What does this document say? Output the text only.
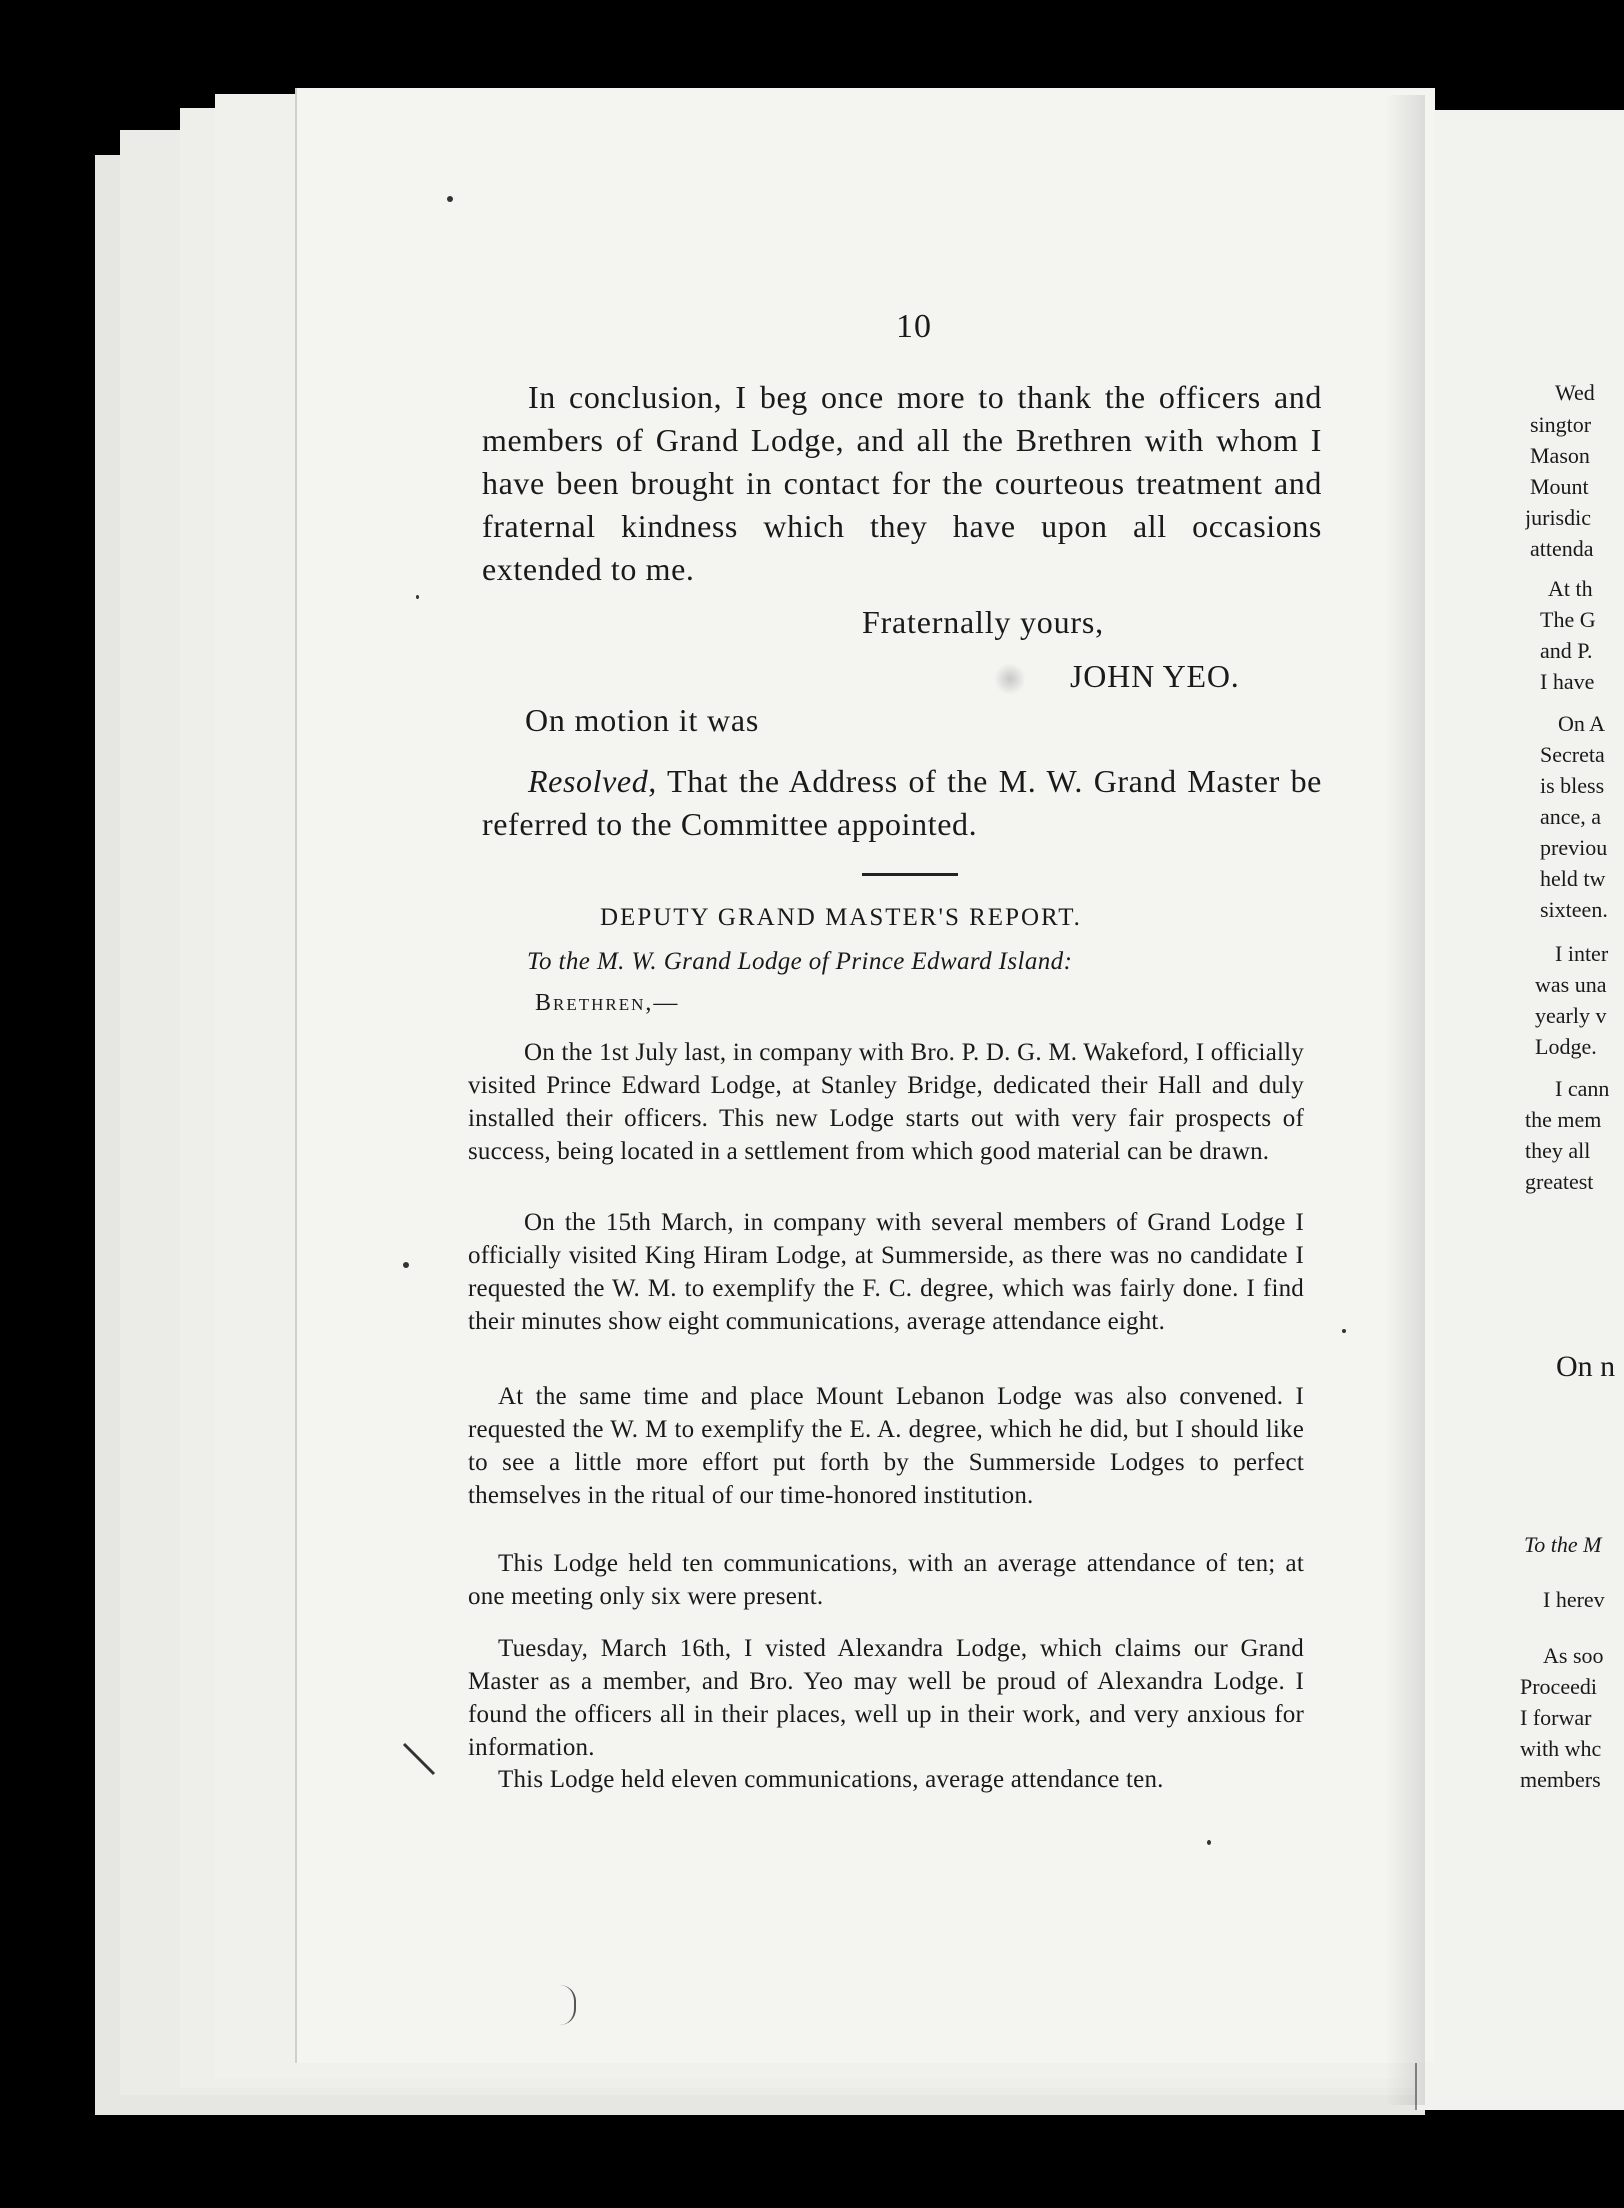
10
In conclusion, I beg once more to thank the officers and members of Grand Lodge, and all the Brethren with whom I have been brought in contact for the courteous treatment and fraternal kindness which they have upon all occasions extended to me.
Fraternally yours,
JOHN YEO.
On motion it was
Resolved, That the Address of the M. W. Grand Master be referred to the Committee appointed.
DEPUTY GRAND MASTER'S REPORT.
To the M. W. Grand Lodge of Prince Edward Island:
Brethren,—
On the 1st July last, in company with Bro. P. D. G. M. Wakeford, I officially visited Prince Edward Lodge, at Stanley Bridge, dedicated their Hall and duly installed their officers. This new Lodge starts out with very fair prospects of success, being located in a settlement from which good material can be drawn.
On the 15th March, in company with several members of Grand Lodge I officially visited King Hiram Lodge, at Summerside, as there was no candidate I requested the W. M. to exemplify the F. C. degree, which was fairly done. I find their minutes show eight communications, average attendance eight.
At the same time and place Mount Lebanon Lodge was also convened. I requested the W. M to exemplify the E. A. degree, which he did, but I should like to see a little more effort put forth by the Summerside Lodges to perfect themselves in the ritual of our time-honored institution.
This Lodge held ten communications, with an average attendance of ten; at one meeting only six were present.
Tuesday, March 16th, I visted Alexandra Lodge, which claims our Grand Master as a member, and Bro. Yeo may well be proud of Alexandra Lodge. I found the officers all in their places, well up in their work, and very anxious for information.
This Lodge held eleven communications, average attendance ten.
Wed
singtor
Mason
Mount
jurisdic
attenda
At th
The G
and P.
I have
On A
Secreta
is bless
ance, a
previou
held tw
sixteen.
I inter
was una
yearly v
Lodge.
I cann
the mem
they all
greatest
On n
To the M
I herev
As soo
Proceedi
I forwar
with whc
members
